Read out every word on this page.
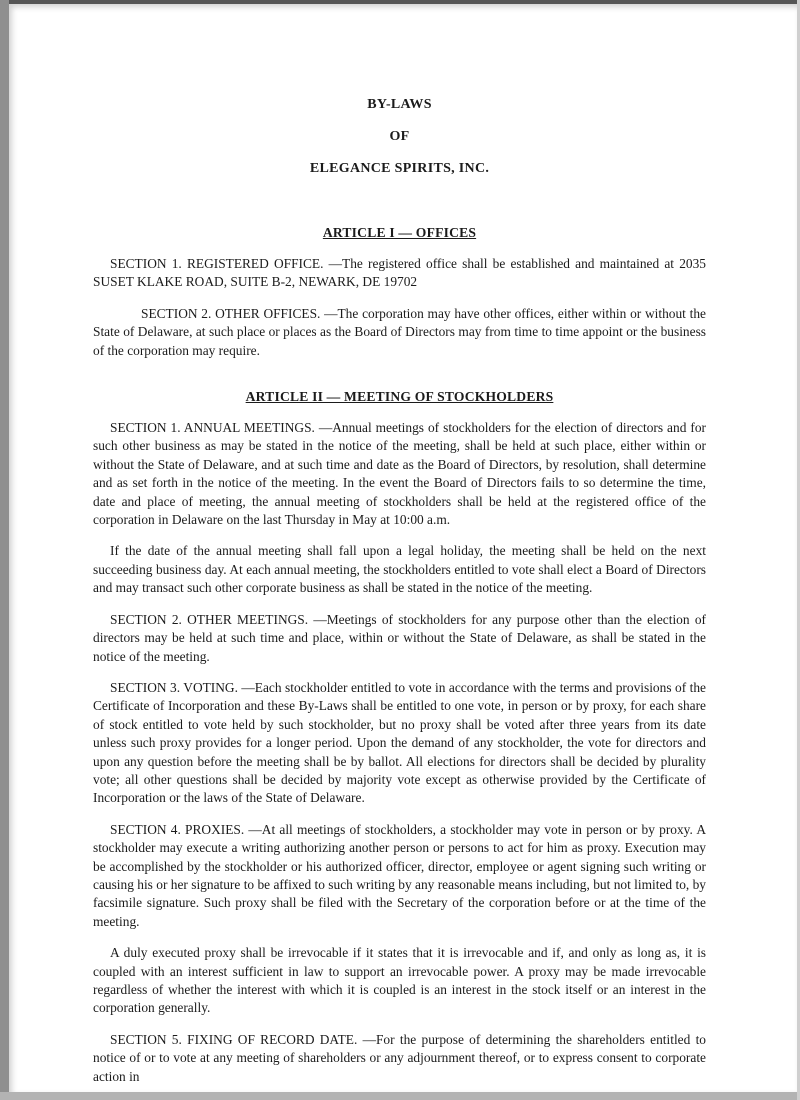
BY-LAWS

OF

ELEGANCE SPIRITS, INC.

ARTICLE I — OFFICES

SECTION 1. REGISTERED OFFICE. —The registered office shall be established and maintained at 2035 SUSET KLAKE ROAD, SUITE B-2, NEWARK, DE 19702

SECTION 2. OTHER OFFICES. —The corporation may have other offices, either within or without the State of Delaware, at such place or places as the Board of Directors may from time to time appoint or the business of the corporation may require.

ARTICLE II — MEETING OF STOCKHOLDERS

SECTION 1. ANNUAL MEETINGS. —Annual meetings of stockholders for the election of directors and for such other business as may be stated in the notice of the meeting, shall be held at such place, either within or without the State of Delaware, and at such time and date as the Board of Directors, by resolution, shall determine and as set forth in the notice of the meeting. In the event the Board of Directors fails to so determine the time, date and place of meeting, the annual meeting of stockholders shall be held at the registered office of the corporation in Delaware on the last Thursday in May at 10:00 a.m.

If the date of the annual meeting shall fall upon a legal holiday, the meeting shall be held on the next succeeding business day. At each annual meeting, the stockholders entitled to vote shall elect a Board of Directors and may transact such other corporate business as shall be stated in the notice of the meeting.

SECTION 2. OTHER MEETINGS. —Meetings of stockholders for any purpose other than the election of directors may be held at such time and place, within or without the State of Delaware, as shall be stated in the notice of the meeting.

SECTION 3. VOTING. —Each stockholder entitled to vote in accordance with the terms and provisions of the Certificate of Incorporation and these By-Laws shall be entitled to one vote, in person or by proxy, for each share of stock entitled to vote held by such stockholder, but no proxy shall be voted after three years from its date unless such proxy provides for a longer period. Upon the demand of any stockholder, the vote for directors and upon any question before the meeting shall be by ballot. All elections for directors shall be decided by plurality vote; all other questions shall be decided by majority vote except as otherwise provided by the Certificate of Incorporation or the laws of the State of Delaware.

SECTION 4. PROXIES. —At all meetings of stockholders, a stockholder may vote in person or by proxy. A stockholder may execute a writing authorizing another person or persons to act for him as proxy. Execution may be accomplished by the stockholder or his authorized officer, director, employee or agent signing such writing or causing his or her signature to be affixed to such writing by any reasonable means including, but not limited to, by facsimile signature. Such proxy shall be filed with the Secretary of the corporation before or at the time of the meeting.

A duly executed proxy shall be irrevocable if it states that it is irrevocable and if, and only as long as, it is coupled with an interest sufficient in law to support an irrevocable power. A proxy may be made irrevocable regardless of whether the interest with which it is coupled is an interest in the stock itself or an interest in the corporation generally.

SECTION 5. FIXING OF RECORD DATE. —For the purpose of determining the shareholders entitled to notice of or to vote at any meeting of shareholders or any adjournment thereof, or to express consent to corporate action in
